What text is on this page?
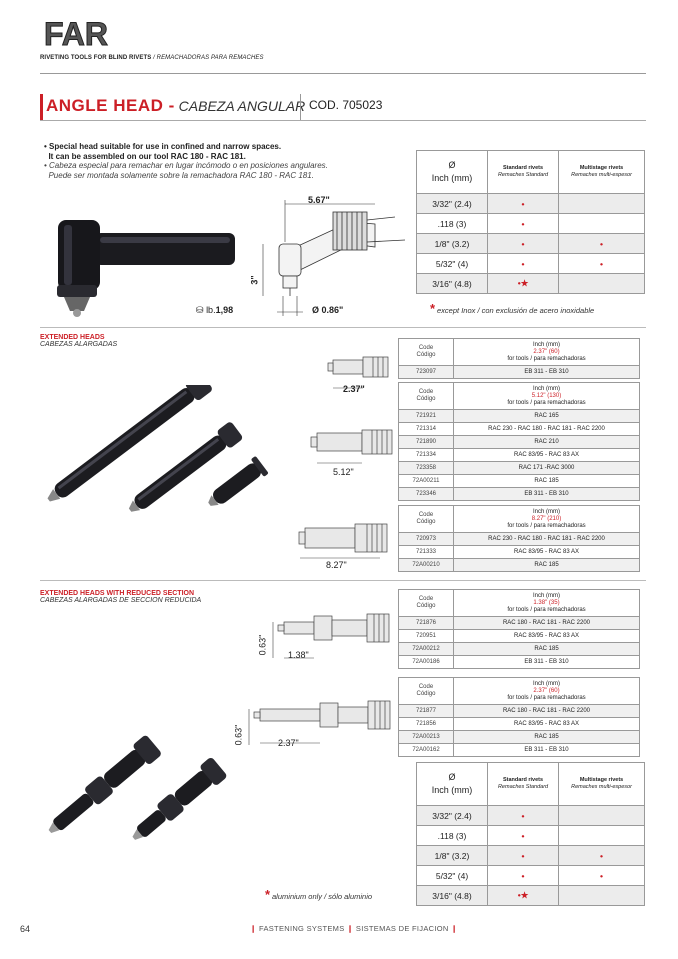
FAR
RIVETING TOOLS FOR BLIND RIVETS / REMACHADORAS PARA REMACHES
ANGLE HEAD - CABEZA ANGULAR COD. 705023
• Special head suitable for use in confined and narrow spaces.
It can be assembled on our tool RAC 180 - RAC 181.
• Cabeza especial para remachar en lugar incómodo o en posiciones angulares.
Puede ser montada solamente sobre la remachadora RAC 180 - RAC 181.
⛁ lb.1,98
5.67"
3"
Ø 0.86"
Ø
Inch (mm)	Standard rivets
Remaches Standard	Multistage rivets
Remaches multi-espesor

3/32" (2.4)	•	
.118 (3)	•	
1/8" (3.2)	•	•
5/32" (4)	•	•
3/16" (4.8)	•★	
* except Inox / con exclusión de acero inoxidable
EXTENDED HEADS
CABEZAS ALARGADAS
2.37"
5.12"
8.27"
Code
Código	Inch (mm)
2.37" (60)
for tools / para remachadoras
723097	EB 311 - EB 310
Code
Código	Inch (mm)
5.12" (130)
for tools / para remachadoras
721921	RAC 165
721314	RAC 230 - RAC 180 - RAC 181 - RAC 2200
721890	RAC 210
721334	RAC 83/95 - RAC 83 AX
723358	RAC 171 -RAC 3000
72A00211	RAC 185
723346	EB 311 - EB 310
Code
Código	Inch (mm)
8.27" (210)
for tools / para remachadoras
720973	RAC 230 - RAC 180 - RAC 181 - RAC 2200
721333	RAC 83/95 - RAC 83 AX
72A00210	RAC 185
EXTENDED HEADS WITH REDUCED SECTION
CABEZAS ALARGADAS DE SECCION REDUCIDA
0.63" 1.38"
0.63"	2.37"
Code
Código	Inch (mm)
1.38" (35)
for tools / para remachadoras
721876	RAC 180 - RAC 181 - RAC 2200
720951	RAC 83/95 - RAC 83 AX
72A00212	RAC 185
72A00186	EB 311 - EB 310
Code
Código	Inch (mm)
2.37" (60)
for tools / para remachadoras
721877	RAC 180 - RAC 181 - RAC 2200
721856	RAC 83/95 - RAC 83 AX
72A00213	RAC 185
72A00162	EB 311 - EB 310
Ø
Inch (mm)	Standard rivets
Remaches Standard	Multistage rivets
Remaches multi-espesor

3/32" (2.4)	•	
.118 (3)	•	
1/8" (3.2)	•	•
5/32" (4)	•	•
3/16" (4.8)	•★	
* aluminium only / sólo aluminio
64	❙ FASTENING SYSTEMS ❙ SISTEMAS DE FIJACION ❙
